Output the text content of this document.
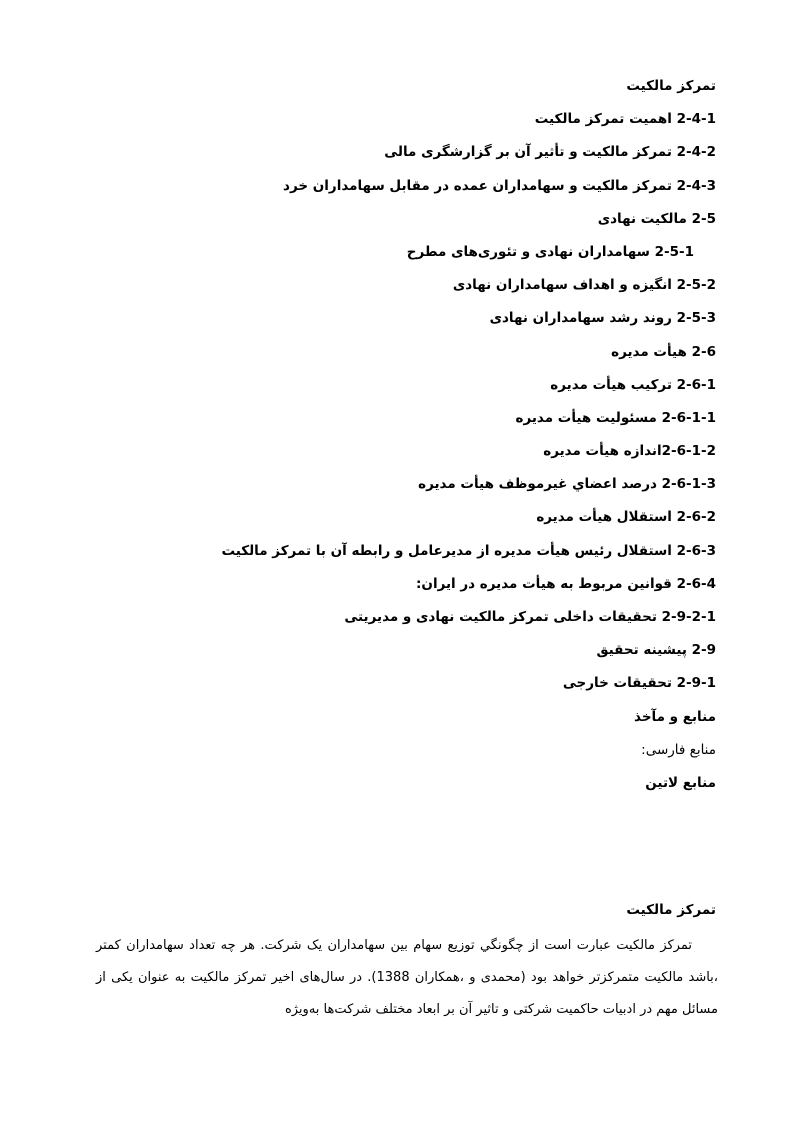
تمرکز مالکیت
2-4-1 اهمیت تمرکز مالکیت
2-4-2 تمرکز مالکیت و تأثیر آن بر گزارشگری مالی
2-4-3 تمرکز مالکیت و سهامداران عمده در مقابل سهامداران خرد
2-5 مالکیت نهادی
2-5-1 سهامداران نهادی و تئوری‌های مطرح
2-5-2 انگیزه و اهداف سهامداران نهادی
2-5-3 روند رشد سهامداران نهادی
2-6 هیأت مدیره
2-6-1 ترکیب هیأت مدیره
2-6-1-1 مسئولیت هیأت مدیره
2-6-1-2اندازه هیأت مدیره
2-6-1-3 درصد اعضاي غیرموظف هیأت مدیره
2-6-2 استقلال هیأت مدیره
2-6-3 استقلال رئیس هیأت مدیره از مدیرعامل و رابطه آن با تمرکز مالکیت
2-6-4 قوانین مربوط به هیأت مدیره در ایران:
2-9-2-1 تحقیقات داخلی تمرکز مالکیت نهادی و مدیریتی
2-9 پیشینه تحقیق
2-9-1 تحقیقات خارجی
منابع و مآخذ
منابع فارسی:
منابع لاتین
تمرکز مالکیت
تمرکز مالکیت عبارت است از چگونگي توزیع سهام بین سهامداران یک شرکت. هر چه تعداد سهامداران کمتر ،باشد مالکیت متمرکزتر خواهد بود (محمدی و ،همکاران 1388). در سال‌های اخیر تمرکز مالکیت به عنوان یکی از مسائل مهم در ادبیات حاکمیت شرکتی و تاثیر آن بر ابعاد مختلف شرکت‌ها به‌ویژه
